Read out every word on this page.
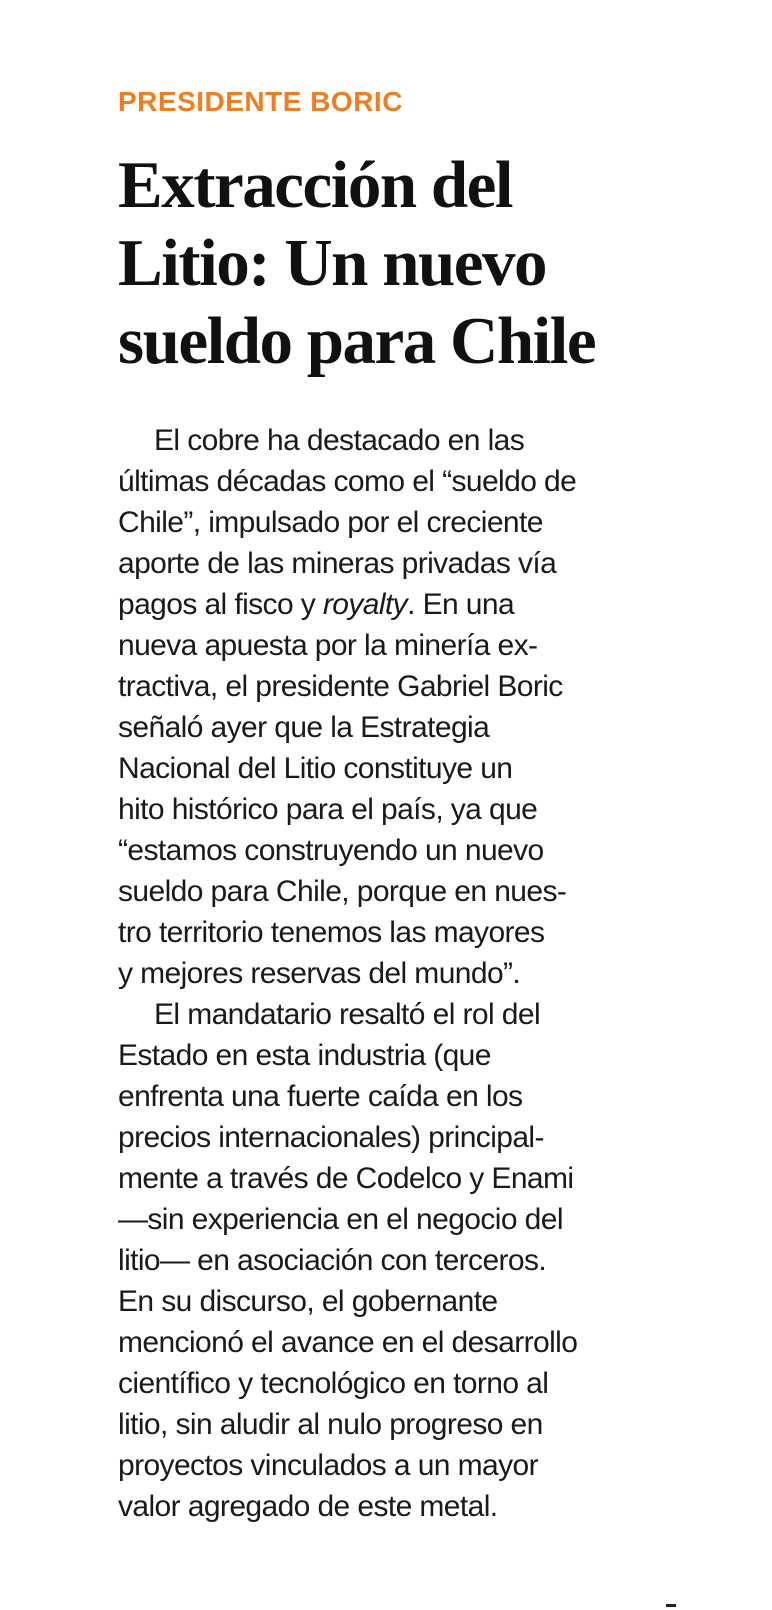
PRESIDENTE BORIC

Extracción del
Litio: Un nuevo
sueldo para Chile
El cobre ha destacado en las
últimas décadas como el “sueldo de
Chile”, impulsado por el creciente
aporte de las mineras privadas vía
pagos al fisco y royalty. En una
nueva apuesta por la minería ex-
tractiva, el presidente Gabriel Boric
señaló ayer que la Estrategia
Nacional del Litio constituye un
hito histórico para el país, ya que
“estamos construyendo un nuevo
sueldo para Chile, porque en nues-
tro territorio tenemos las mayores
y mejores reservas del mundo”.
El mandatario resaltó el rol del
Estado en esta industria (que
enfrenta una fuerte caída en los
precios internacionales) principal-
mente a través de Codelco y Enami
—sin experiencia en el negocio del
litio— en asociación con terceros.
En su discurso, el gobernante
mencionó el avance en el desarrollo
científico y tecnológico en torno al
litio, sin aludir al nulo progreso en
proyectos vinculados a un mayor
valor agregado de este metal.
